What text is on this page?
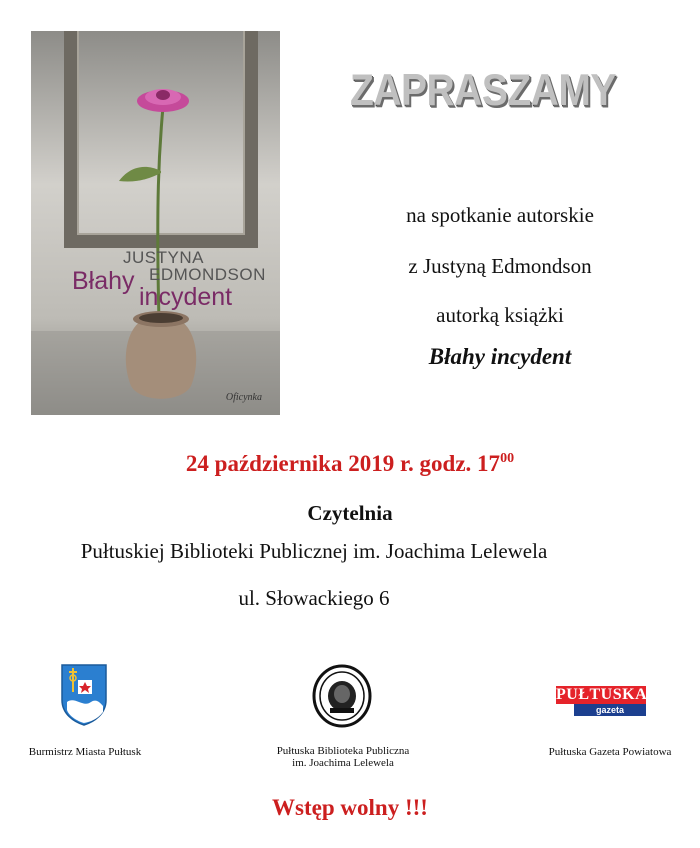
JUSTYNA
EDMONDSON
Błahy
incydent
Oficynka
ZAPRASZAMY
na spotkanie autorskie
z Justyną Edmondson
autorką książki
Błahy incydent
24 października 2019 r. godz. $17^{00}$
Czytelnia
Pułtuskiej Biblioteki Publicznej im. Joachima Lelewela
ul. Słowackiego 6
PUŁTUSKA
gazeta powiatowa
Burmistrz Miasta Pułtusk	Pułtuska Biblioteka Publiczna
im. Joachima Lelewela
Pułtuska Gazeta Powiatowa
Wstęp wolny !!!
